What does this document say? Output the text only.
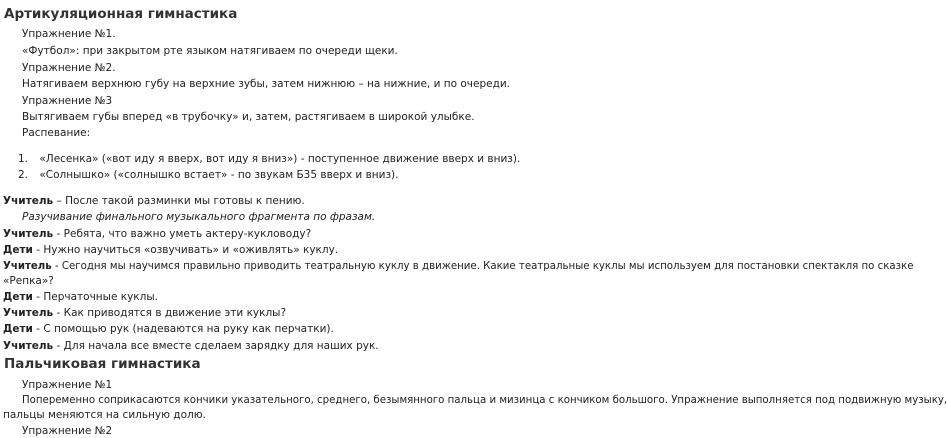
Артикуляционная гимнастика
Упражнение №1.
«Футбол»: при закрытом рте языком натягиваем по очереди щеки.
Упражнение №2.
Натягиваем верхнюю губу на верхние зубы, затем нижнюю – на нижние, и по очереди.
Упражнение №3
Вытягиваем губы вперед «в трубочку» и, затем, растягиваем в широкой улыбке.
Распевание:
1. «Лесенка» («вот иду я вверх, вот иду я вниз») - поступенное движение вверх и вниз).
2. «Солнышко» («солнышко встает» - по звукам Б35 вверх и вниз).
Учитель – После такой разминки мы готовы к пению.
Разучивание финального музыкального фрагмента по фразам.
Учитель - Ребята, что важно уметь актеру-кукловоду?
Дети - Нужно научиться «озвучивать» и «оживлять» куклу.
Учитель - Сегодня мы научимся правильно приводить театральную куклу в движение. Какие театральные куклы мы используем для постановки спектакля по сказке
«Репка»?
Дети - Перчаточные куклы.
Учитель - Как приводятся в движение эти куклы?
Дети - С помощью рук (надеваются на руку как перчатки).
Учитель - Для начала все вместе сделаем зарядку для наших рук.
Пальчиковая гимнастика
Упражнение №1
Попеременно соприкасаются кончики указательного, среднего, безымянного пальца и мизинца с кончиком большого. Упражнение выполняется под подвижную музыку,
пальцы меняются на сильную долю.
Упражнение №2
